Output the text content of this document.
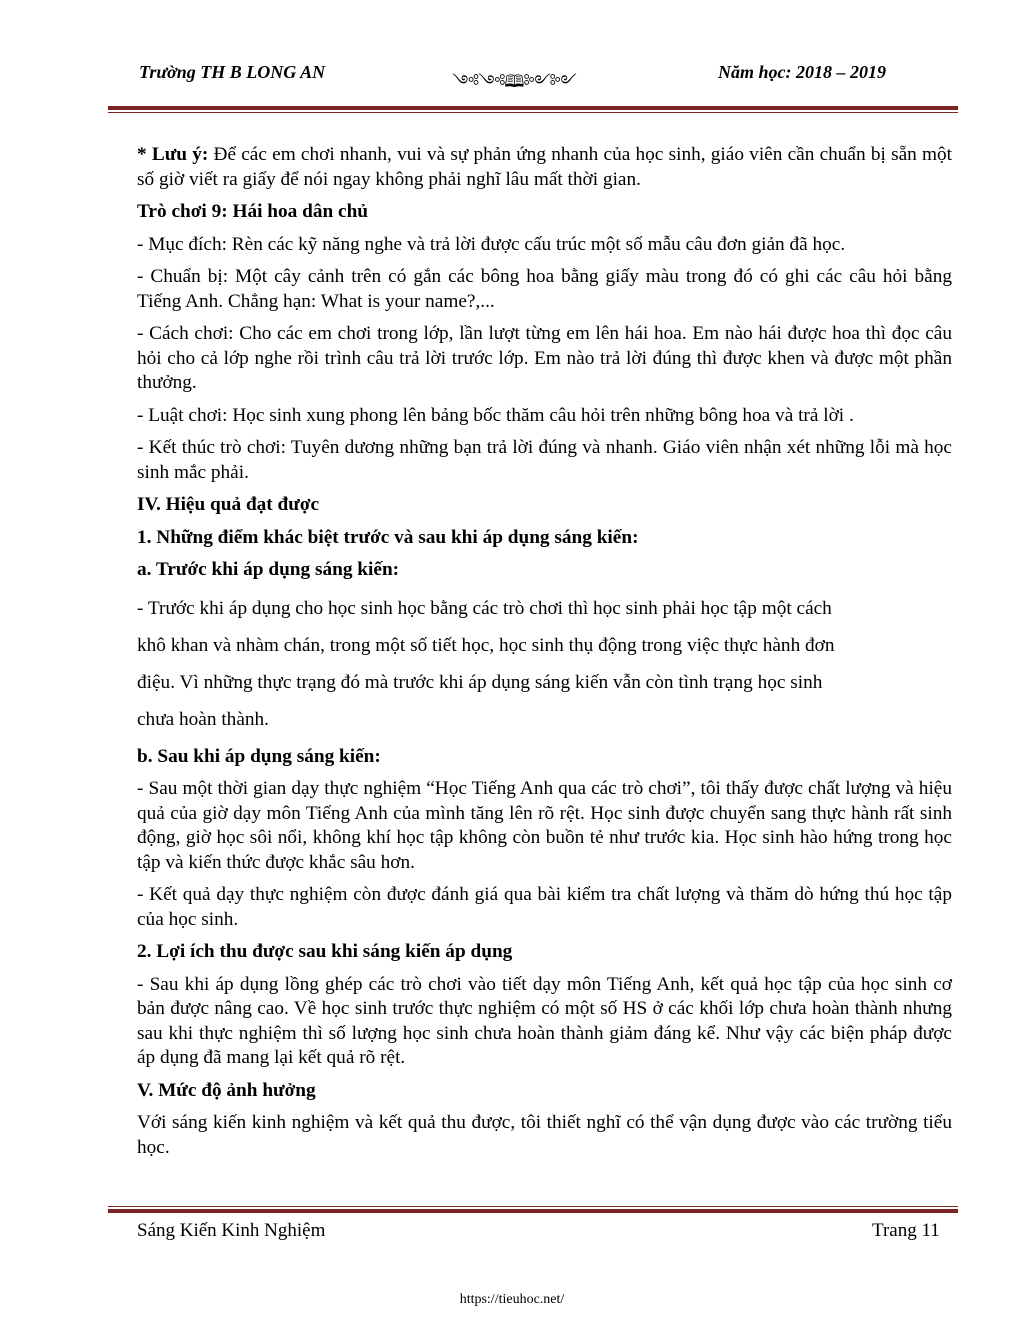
Trường TH B LONG AN	༺༺🕮༻༻	Năm học: 2018 – 2019

* Lưu ý: Để các em chơi nhanh, vui và sự phản ứng nhanh của học sinh, giáo viên cần chuẩn bị sẵn một số giờ viết ra giấy để nói ngay không phải nghĩ lâu mất thời gian.

Trò chơi 9: Hái hoa dân chủ

- Mục đích: Rèn các kỹ năng nghe và trả lời được cấu trúc một số mẫu câu đơn giản đã học.

- Chuẩn bị: Một cây cảnh trên có gắn các bông hoa bằng giấy màu trong đó có ghi các câu hỏi bằng Tiếng Anh. Chẳng hạn: What is your name?,...

- Cách chơi: Cho các em chơi trong lớp, lần lượt từng em lên hái hoa. Em nào hái được hoa thì đọc câu hỏi cho cả lớp nghe rồi trình câu trả lời trước lớp. Em nào trả lời đúng thì được khen và được một phần thưởng.

- Luật chơi: Học sinh xung phong lên bảng bốc thăm câu hỏi trên những bông hoa và trả lời .

- Kết thúc trò chơi: Tuyên dương những bạn trả lời đúng và nhanh. Giáo viên nhận xét những lỗi mà học sinh mắc phải.

IV. Hiệu quả đạt được

1. Những điểm khác biệt trước và sau khi áp dụng sáng kiến:

a. Trước khi áp dụng sáng kiến:

- Trước khi áp dụng cho học sinh học bằng các trò chơi thì học sinh phải học tập một cách
khô khan và nhàm chán, trong một số tiết học, học sinh thụ động trong việc thực hành đơn
điệu. Vì những thực trạng đó mà trước khi áp dụng sáng kiến vẫn còn tình trạng học sinh
chưa hoàn thành.

b. Sau khi áp dụng sáng kiến:

- Sau một thời gian dạy thực nghiệm “Học Tiếng Anh qua các trò chơi”, tôi thấy được chất lượng và hiệu quả của giờ dạy môn Tiếng Anh của mình tăng lên rõ rệt. Học sinh được chuyển sang thực hành rất sinh động, giờ học sôi nổi, không khí học tập không còn buồn tẻ như trước kia. Học sinh hào hứng trong học tập và kiến thức được khắc sâu hơn.

- Kết quả dạy thực nghiệm còn được đánh giá qua bài kiểm tra chất lượng và thăm dò hứng thú học tập của học sinh.

2. Lợi ích thu được sau khi sáng kiến áp dụng

- Sau khi áp dụng lồng ghép các trò chơi vào tiết dạy môn Tiếng Anh, kết quả học tập của học sinh cơ bản được nâng cao. Về học sinh trước thực nghiệm có một số HS ở các khối lớp chưa hoàn thành nhưng sau khi thực nghiệm thì số lượng học sinh chưa hoàn thành giảm đáng kể. Như vậy các biện pháp được áp dụng đã mang lại kết quả rõ rệt.

V. Mức độ ảnh hưởng

Với sáng kiến kinh nghiệm và kết quả thu được, tôi thiết nghĩ có thể vận dụng được vào các trường tiểu học.

Sáng Kiến Kinh Nghiệm	Trang 11
https://tieuhoc.net/
